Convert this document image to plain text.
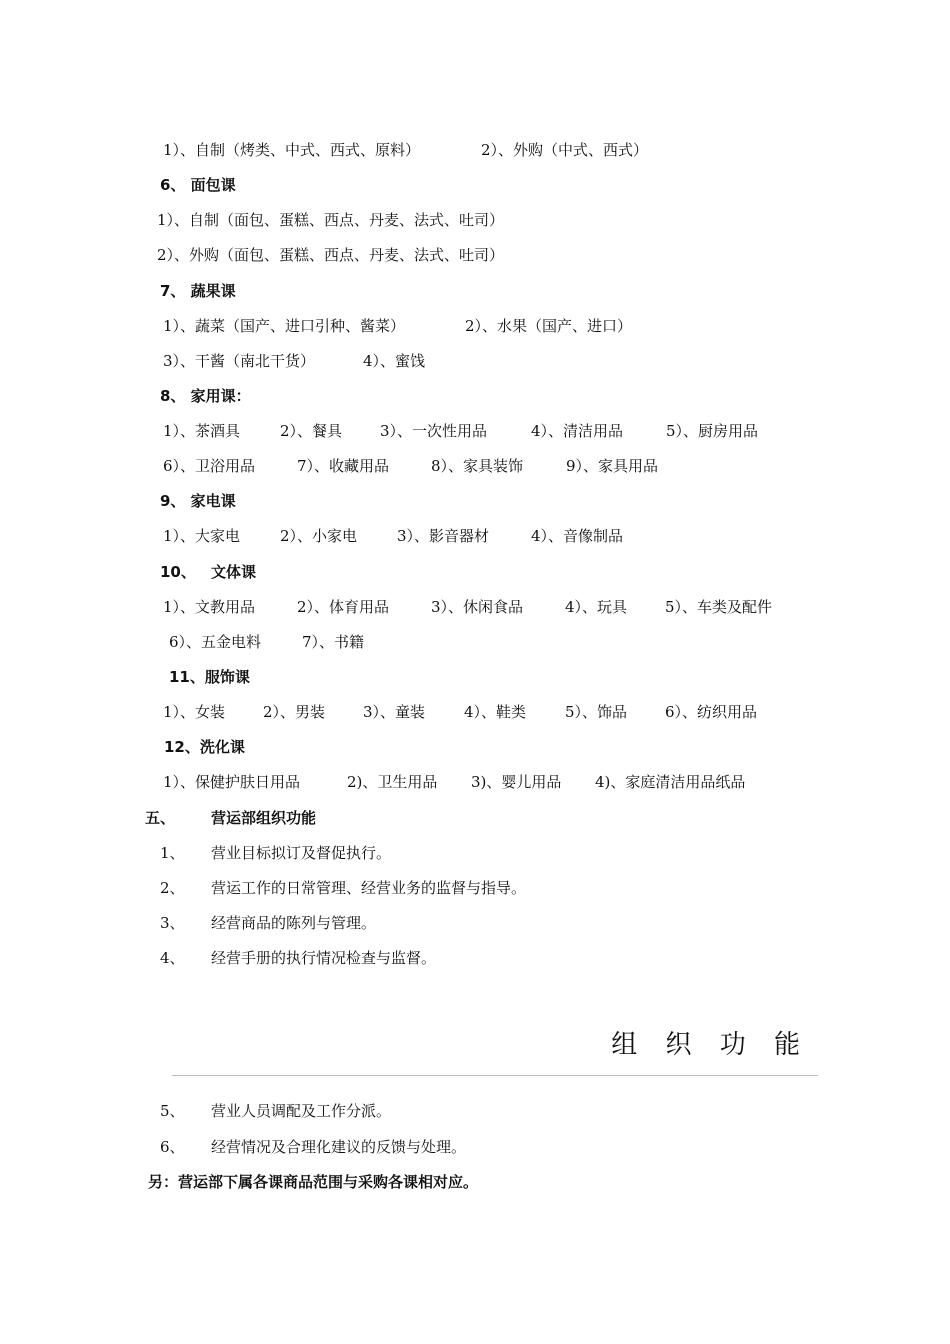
1）、自制（烤类、中式、西式、原料）	2）、外购（中式、西式）
6、 面包课
1）、自制（面包、蛋糕、西点、丹麦、法式、吐司）
2）、外购（面包、蛋糕、西点、丹麦、法式、吐司）
7、 蔬果课
1）、蔬菜（国产、进口引种、酱菜）	2）、水果（国产、进口）
3）、干酱（南北干货）	4）、蜜饯
8、 家用课：
1）、茶酒具	2）、餐具	3）、一次性用品	4）、清洁用品	5）、厨房用品
6）、卫浴用品	7）、收藏用品	8）、家具装饰	9）、家具用品
9、 家电课
1）、大家电	2）、小家电	3）、影音器材	4）、音像制品
10、 文体课
1）、文教用品	2）、体育用品	3）、休闲食品	4）、玩具	5）、车类及配件
6）、五金电料	7）、书籍
11、服饰课
1）、女装	2）、男装	3）、童装	4）、鞋类	5）、饰品	6）、纺织用品
12、洗化课
1）、保健护肤日用品	2)、卫生用品 3)、婴儿用品 4)、家庭清洁用品纸品
五、 营运部组织功能
1、 营业目标拟订及督促执行。
2、 营运工作的日常管理、经营业务的监督与指导。
3、 经营商品的陈列与管理。
4、 经营手册的执行情况检查与监督。
组 织 功 能
5、 营业人员调配及工作分派。
6、 经营情况及合理化建议的反馈与处理。
另：营运部下属各课商品范围与采购各课相对应。
